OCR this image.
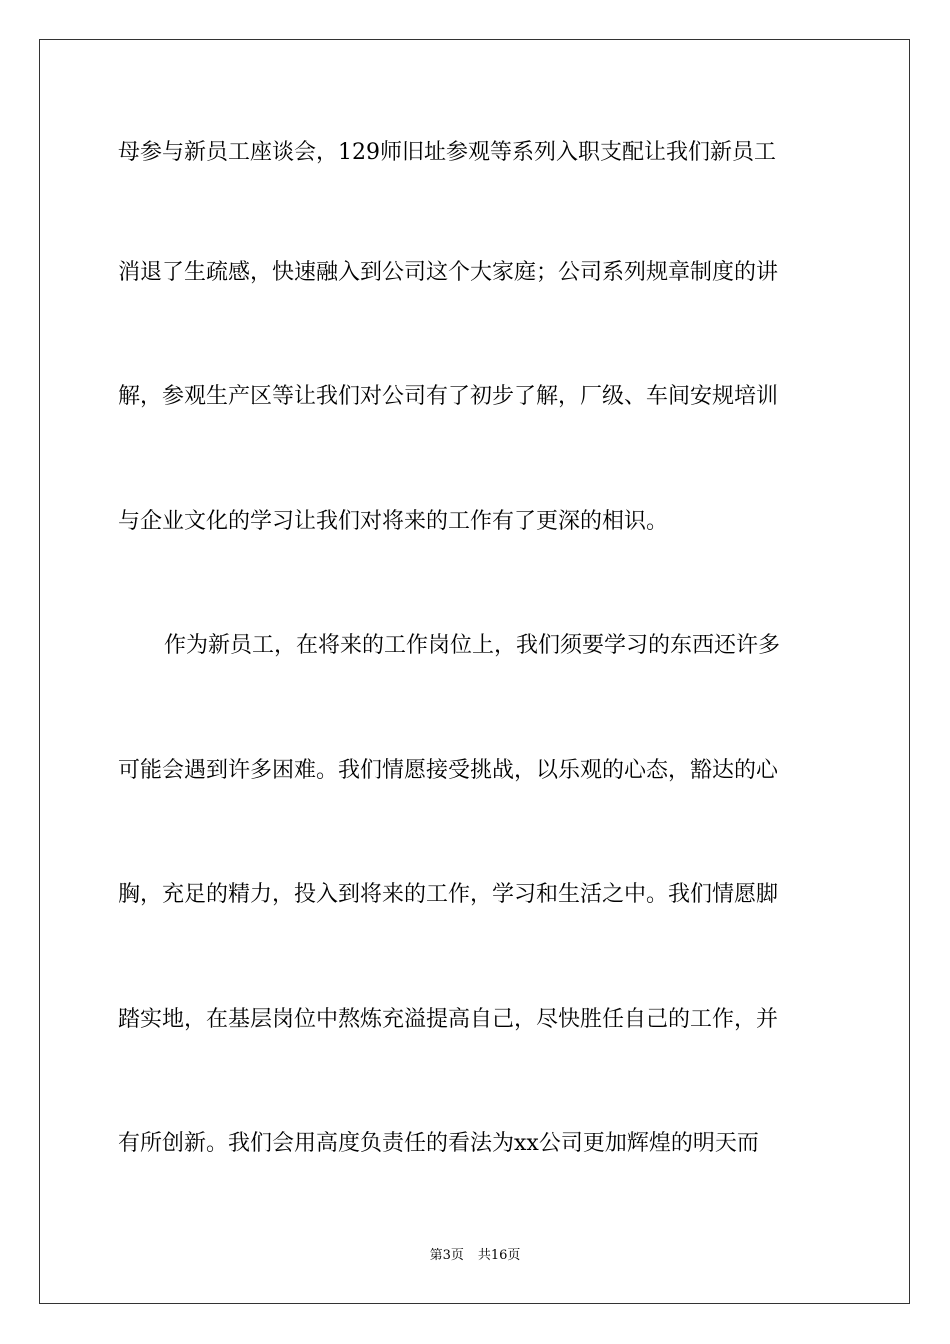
母参与新员工座谈会，129师旧址参观等系列入职支配让我们新员工
消退了生疏感，快速融入到公司这个大家庭；公司系列规章制度的讲
解，参观生产区等让我们对公司有了初步了解，厂级、车间安规培训
与企业文化的学习让我们对将来的工作有了更深的相识。
作为新员工，在将来的工作岗位上，我们须要学习的东西还许多
可能会遇到许多困难。我们情愿接受挑战，以乐观的心态，豁达的心
胸，充足的精力，投入到将来的工作，学习和生活之中。我们情愿脚
踏实地，在基层岗位中熬炼充溢提高自己，尽快胜任自己的工作，并
有所创新。我们会用高度负责任的看法为xx公司更加辉煌的明天而
第3页 共16页
